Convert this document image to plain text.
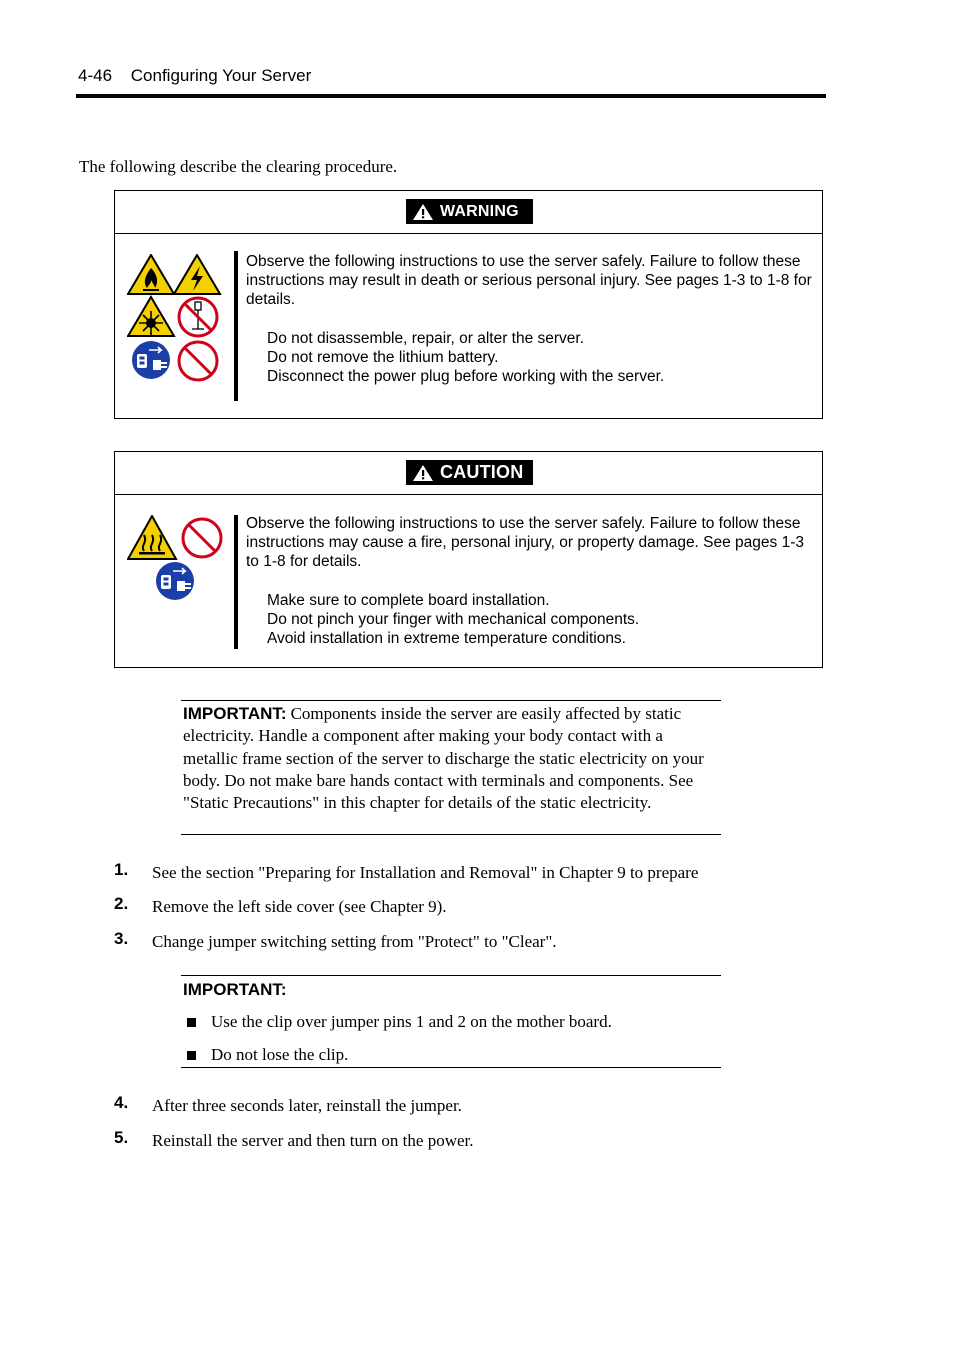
4-46 Configuring Your Server
The following describe the clearing procedure.
WARNING

Observe the following instructions to use the server safely. Failure to follow these instructions may result in death or serious personal injury. See pages 1-3 to 1-8 for details.

Do not disassemble, repair, or alter the server.
Do not remove the lithium battery.
Disconnect the power plug before working with the server.
CAUTION

Observe the following instructions to use the server safely. Failure to follow these instructions may cause a fire, personal injury, or property damage. See pages 1-3 to 1-8 for details.

Make sure to complete board installation.
Do not pinch your finger with mechanical components.
Avoid installation in extreme temperature conditions.
IMPORTANT: Components inside the server are easily affected by static electricity. Handle a component after making your body contact with a metallic frame section of the server to discharge the static electricity on your body. Do not make bare hands contact with terminals and components. See "Static Precautions" in this chapter for details of the static electricity.
1. See the section "Preparing for Installation and Removal" in Chapter 9 to prepare
2. Remove the left side cover (see Chapter 9).
3. Change jumper switching setting from "Protect" to "Clear".
IMPORTANT:
Use the clip over jumper pins 1 and 2 on the mother board.
Do not lose the clip.
4. After three seconds later, reinstall the jumper.
5. Reinstall the server and then turn on the power.
